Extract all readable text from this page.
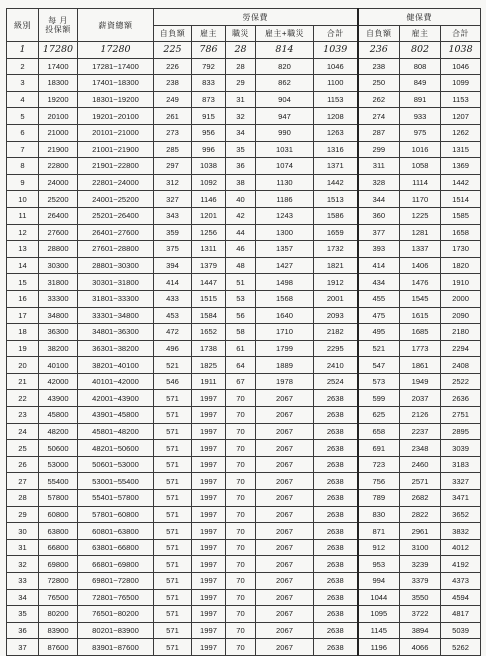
級別	每 月
投保額	薪資總額	勞保費					健保費		
			自負額	雇主	職災	雇主+職災	合計	自負額	雇主	合計
1	17280	17280	225	786	28	814	1039	236	802	1038
2	17400	17281~17400	226	792	28	820	1046	238	808	1046
3	18300	17401~18300	238	833	29	862	1100	250	849	1099
4	19200	18301~19200	249	873	31	904	1153	262	891	1153
5	20100	19201~20100	261	915	32	947	1208	274	933	1207
6	21000	20101~21000	273	956	34	990	1263	287	975	1262
7	21900	21001~21900	285	996	35	1031	1316	299	1016	1315
8	22800	21901~22800	297	1038	36	1074	1371	311	1058	1369
9	24000	22801~24000	312	1092	38	1130	1442	328	1114	1442
10	25200	24001~25200	327	1146	40	1186	1513	344	1170	1514
11	26400	25201~26400	343	1201	42	1243	1586	360	1225	1585
12	27600	26401~27600	359	1256	44	1300	1659	377	1281	1658
13	28800	27601~28800	375	1311	46	1357	1732	393	1337	1730
14	30300	28801~30300	394	1379	48	1427	1821	414	1406	1820
15	31800	30301~31800	414	1447	51	1498	1912	434	1476	1910
16	33300	31801~33300	433	1515	53	1568	2001	455	1545	2000
17	34800	33301~34800	453	1584	56	1640	2093	475	1615	2090
18	36300	34801~36300	472	1652	58	1710	2182	495	1685	2180
19	38200	36301~38200	496	1738	61	1799	2295	521	1773	2294
20	40100	38201~40100	521	1825	64	1889	2410	547	1861	2408
21	42000	40101~42000	546	1911	67	1978	2524	573	1949	2522
22	43900	42001~43900	571	1997	70	2067	2638	599	2037	2636
23	45800	43901~45800	571	1997	70	2067	2638	625	2126	2751
24	48200	45801~48200	571	1997	70	2067	2638	658	2237	2895
25	50600	48201~50600	571	1997	70	2067	2638	691	2348	3039
26	53000	50601~53000	571	1997	70	2067	2638	723	2460	3183
27	55400	53001~55400	571	1997	70	2067	2638	756	2571	3327
28	57800	55401~57800	571	1997	70	2067	2638	789	2682	3471
29	60800	57801~60800	571	1997	70	2067	2638	830	2822	3652
30	63800	60801~63800	571	1997	70	2067	2638	871	2961	3832
31	66800	63801~66800	571	1997	70	2067	2638	912	3100	4012
32	69800	66801~69800	571	1997	70	2067	2638	953	3239	4192
33	72800	69801~72800	571	1997	70	2067	2638	994	3379	4373
34	76500	72801~76500	571	1997	70	2067	2638	1044	3550	4594
35	80200	76501~80200	571	1997	70	2067	2638	1095	3722	4817
36	83900	80201~83900	571	1997	70	2067	2638	1145	3894	5039
37	87600	83901~87600	571	1997	70	2067	2638	1196	4066	5262
